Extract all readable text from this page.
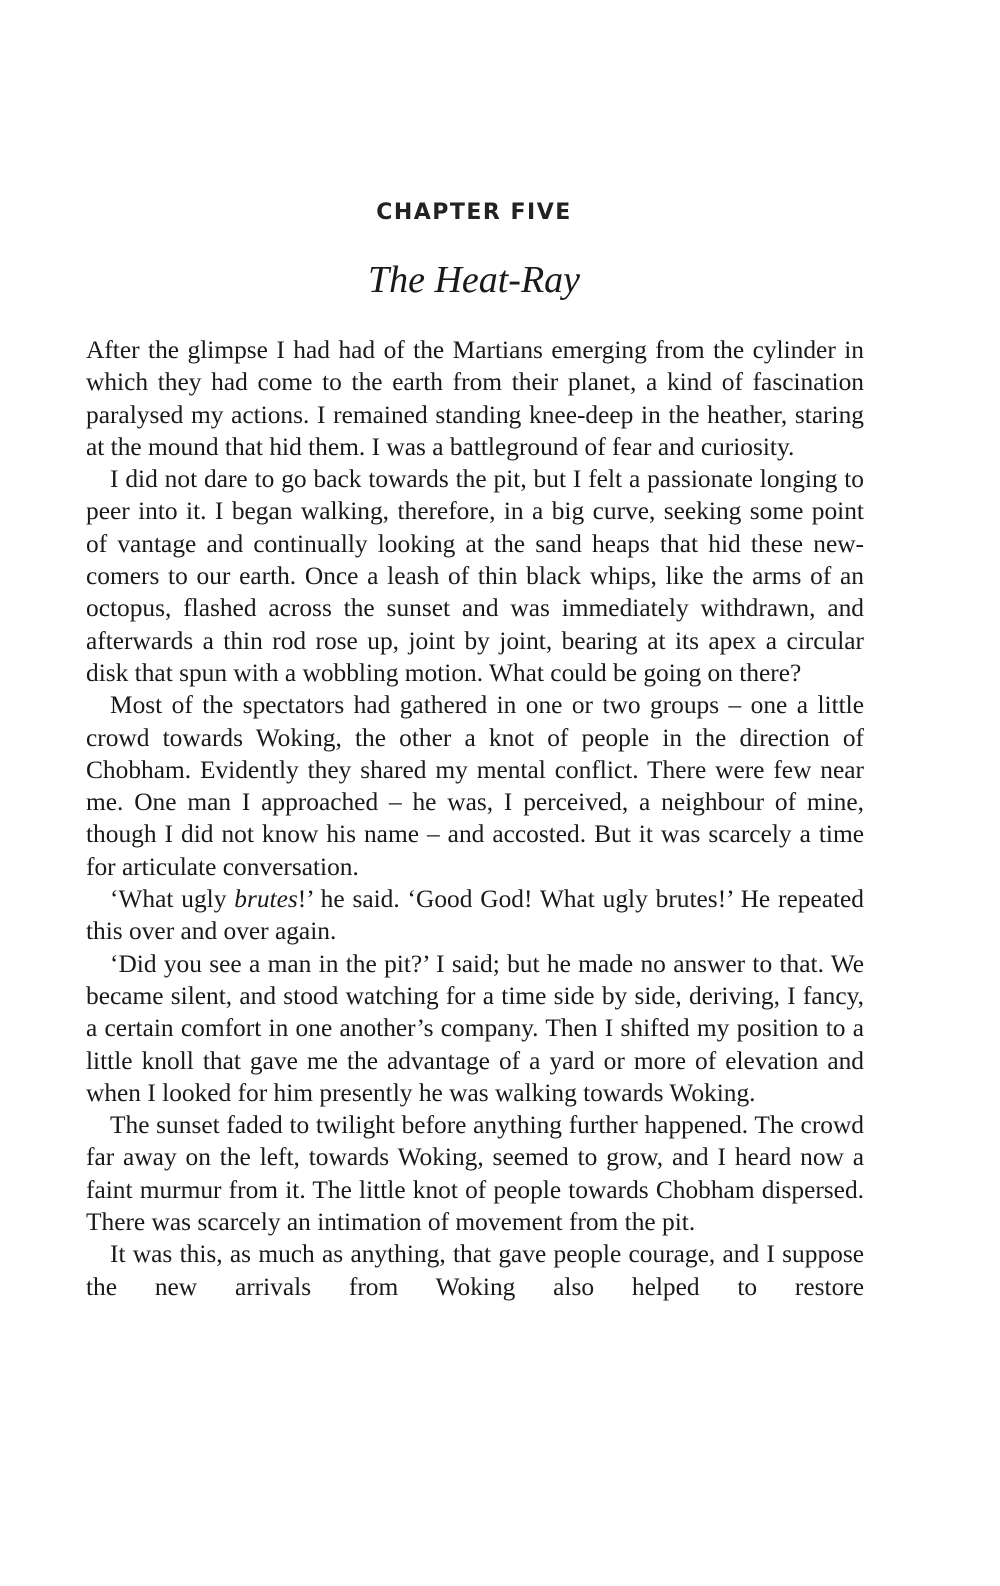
CHAPTER FIVE
The Heat-Ray

After the glimpse I had had of the Martians emerging from the cylinder in which they had come to the earth from their planet, a kind of fascination paralysed my actions. I remained standing knee-deep in the heather, staring at the mound that hid them. I was a battleground of fear and curiosity.

I did not dare to go back towards the pit, but I felt a passionate longing to peer into it. I began walking, therefore, in a big curve, seeking some point of vantage and continually looking at the sand heaps that hid these new-comers to our earth. Once a leash of thin black whips, like the arms of an octopus, flashed across the sunset and was immediately withdrawn, and afterwards a thin rod rose up, joint by joint, bearing at its apex a circular disk that spun with a wobbling motion. What could be going on there?

Most of the spectators had gathered in one or two groups – one a little crowd towards Woking, the other a knot of people in the direction of Chobham. Evidently they shared my mental conflict. There were few near me. One man I approached – he was, I perceived, a neighbour of mine, though I did not know his name – and accosted. But it was scarcely a time for articulate conversation.

‘What ugly brutes!’ he said. ‘Good God! What ugly brutes!’ He repeated this over and over again.

‘Did you see a man in the pit?’ I said; but he made no answer to that. We became silent, and stood watching for a time side by side, deriving, I fancy, a certain comfort in one another’s company. Then I shifted my position to a little knoll that gave me the advantage of a yard or more of elevation and when I looked for him presently he was walking towards Woking.

The sunset faded to twilight before anything further happened. The crowd far away on the left, towards Woking, seemed to grow, and I heard now a faint murmur from it. The little knot of people towards Chobham dispersed. There was scarcely an intimation of movement from the pit.

It was this, as much as anything, that gave people courage, and I suppose the new arrivals from Woking also helped to restore
